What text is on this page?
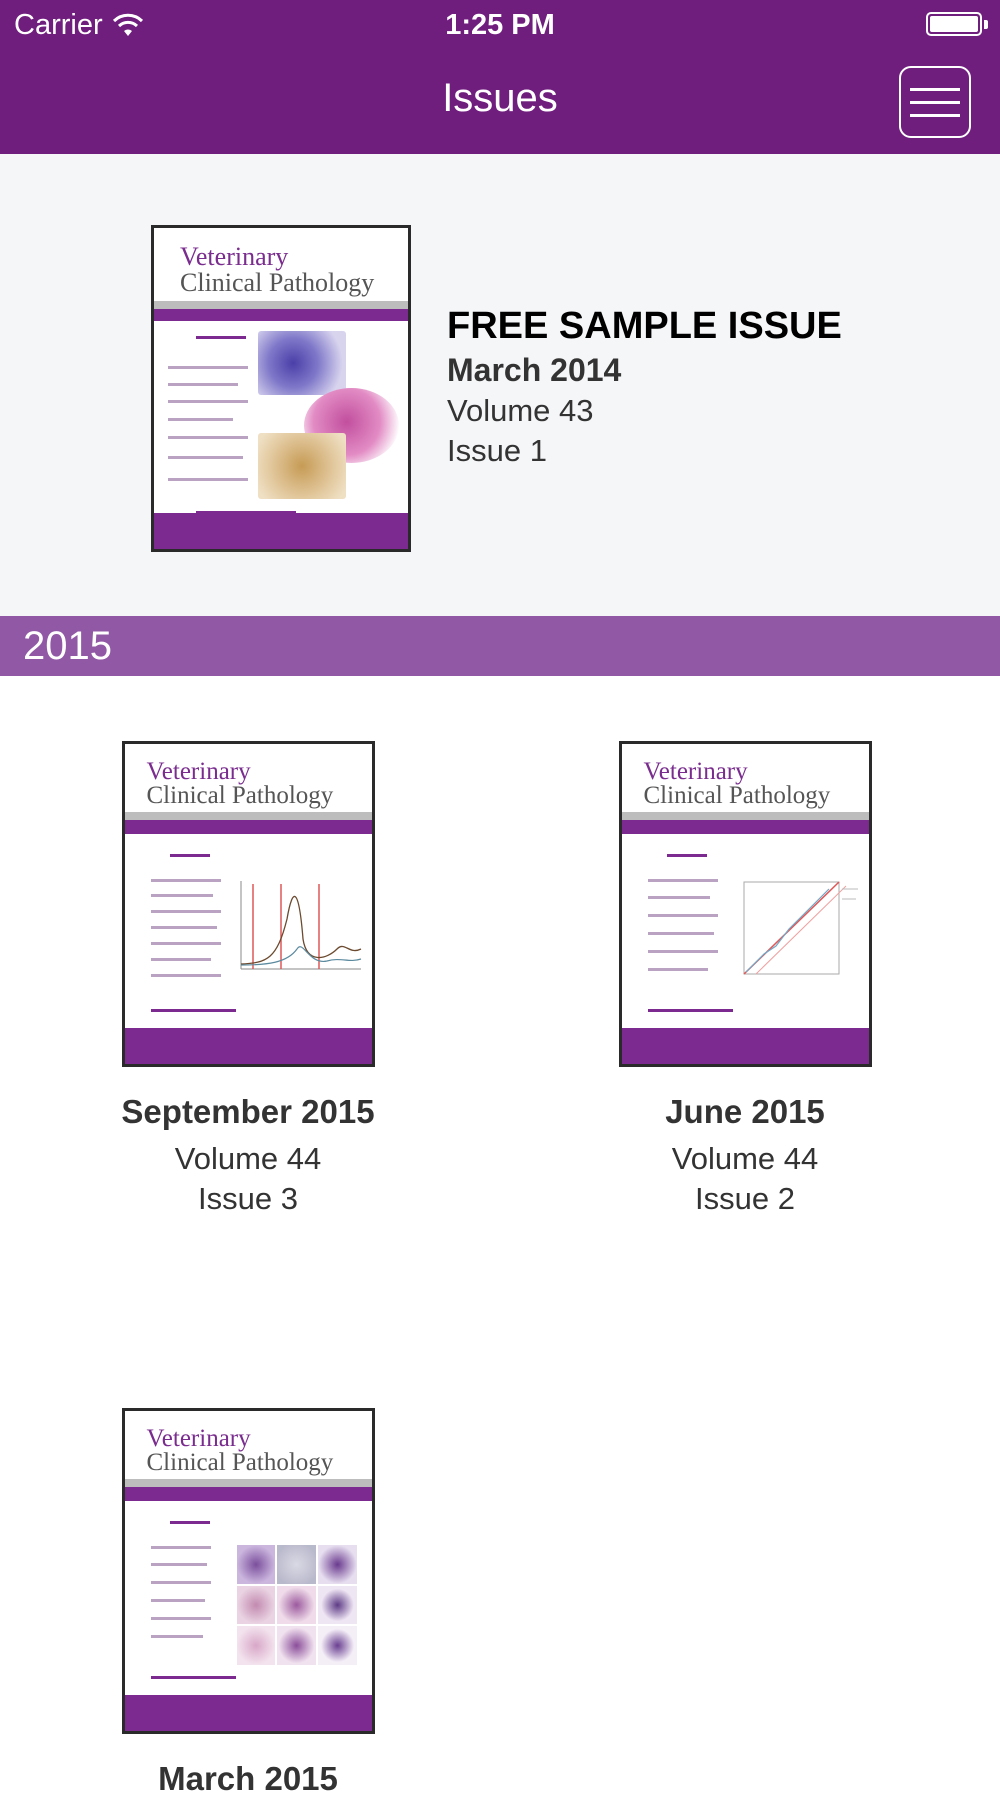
Carrier	1:25 PM
Issues
Veterinary
Clinical Pathology
FREE SAMPLE ISSUE
March 2014
Volume 43
Issue 1
2015
Veterinary
Clinical Pathology
September 2015
Volume 44
Issue 3
Veterinary
Clinical Pathology
June 2015
Volume 44
Issue 2
Veterinary
Clinical Pathology
March 2015
